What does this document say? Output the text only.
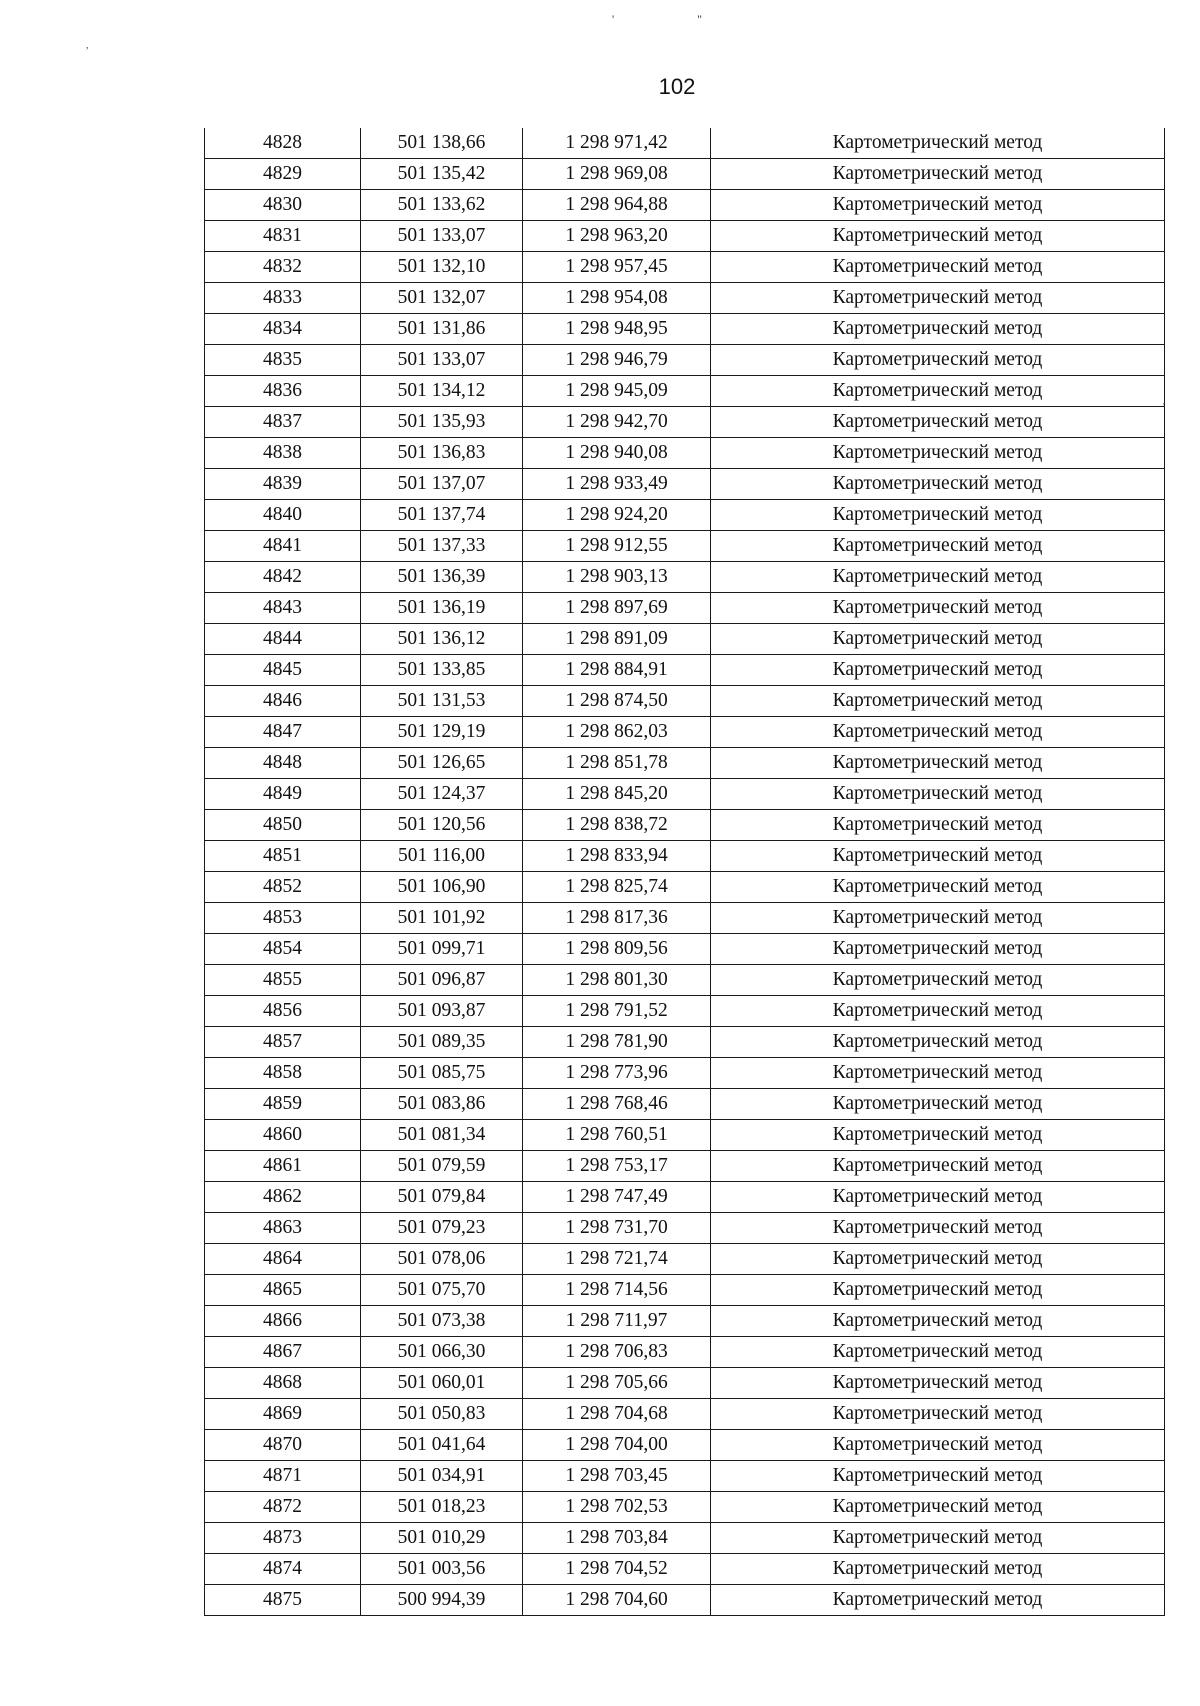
' "
,
'
102
4828	501 138,66	1 298 971,42	Картометрический метод
4829	501 135,42	1 298 969,08	Картометрический метод
4830	501 133,62	1 298 964,88	Картометрический метод
4831	501 133,07	1 298 963,20	Картометрический метод
4832	501 132,10	1 298 957,45	Картометрический метод
4833	501 132,07	1 298 954,08	Картометрический метод
4834	501 131,86	1 298 948,95	Картометрический метод
4835	501 133,07	1 298 946,79	Картометрический метод
4836	501 134,12	1 298 945,09	Картометрический метод
4837	501 135,93	1 298 942,70	Картометрический метод
4838	501 136,83	1 298 940,08	Картометрический метод
4839	501 137,07	1 298 933,49	Картометрический метод
4840	501 137,74	1 298 924,20	Картометрический метод
4841	501 137,33	1 298 912,55	Картометрический метод
4842	501 136,39	1 298 903,13	Картометрический метод
4843	501 136,19	1 298 897,69	Картометрический метод
4844	501 136,12	1 298 891,09	Картометрический метод
4845	501 133,85	1 298 884,91	Картометрический метод
4846	501 131,53	1 298 874,50	Картометрический метод
4847	501 129,19	1 298 862,03	Картометрический метод
4848	501 126,65	1 298 851,78	Картометрический метод
4849	501 124,37	1 298 845,20	Картометрический метод
4850	501 120,56	1 298 838,72	Картометрический метод
4851	501 116,00	1 298 833,94	Картометрический метод
4852	501 106,90	1 298 825,74	Картометрический метод
4853	501 101,92	1 298 817,36	Картометрический метод
4854	501 099,71	1 298 809,56	Картометрический метод
4855	501 096,87	1 298 801,30	Картометрический метод
4856	501 093,87	1 298 791,52	Картометрический метод
4857	501 089,35	1 298 781,90	Картометрический метод
4858	501 085,75	1 298 773,96	Картометрический метод
4859	501 083,86	1 298 768,46	Картометрический метод
4860	501 081,34	1 298 760,51	Картометрический метод
4861	501 079,59	1 298 753,17	Картометрический метод
4862	501 079,84	1 298 747,49	Картометрический метод
4863	501 079,23	1 298 731,70	Картометрический метод
4864	501 078,06	1 298 721,74	Картометрический метод
4865	501 075,70	1 298 714,56	Картометрический метод
4866	501 073,38	1 298 711,97	Картометрический метод
4867	501 066,30	1 298 706,83	Картометрический метод
4868	501 060,01	1 298 705,66	Картометрический метод
4869	501 050,83	1 298 704,68	Картометрический метод
4870	501 041,64	1 298 704,00	Картометрический метод
4871	501 034,91	1 298 703,45	Картометрический метод
4872	501 018,23	1 298 702,53	Картометрический метод
4873	501 010,29	1 298 703,84	Картометрический метод
4874	501 003,56	1 298 704,52	Картометрический метод
4875	500 994,39	1 298 704,60	Картометрический метод
